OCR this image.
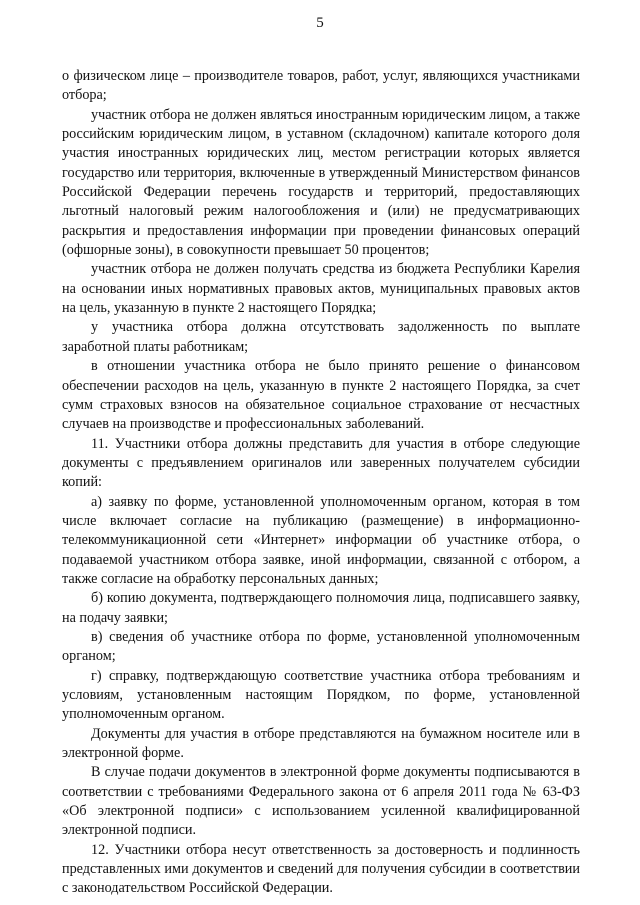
5

о физическом лице – производителе товаров, работ, услуг, являющихся участниками отбора;

участник отбора не должен являться иностранным юридическим лицом, а также российским юридическим лицом, в уставном (складочном) капитале которого доля участия иностранных юридических лиц, местом регистрации которых является государство или территория, включенные в утвержденный Министерством финансов Российской Федерации перечень государств и территорий, предоставляющих льготный налоговый режим налогообложения и (или) не предусматривающих раскрытия и предоставления информации при проведении финансовых операций (офшорные зоны), в совокупности превышает 50 процентов;

участник отбора не должен получать средства из бюджета Республики Карелия на основании иных нормативных правовых актов, муниципальных правовых актов на цель, указанную в пункте 2 настоящего Порядка;

у участника отбора должна отсутствовать задолженность по выплате заработной платы работникам;

в отношении участника отбора не было принято решение о финансовом обеспечении расходов на цель, указанную в пункте 2 настоящего Порядка, за счет сумм страховых взносов на обязательное социальное страхование от несчастных случаев на производстве и профессиональных заболеваний.

11. Участники отбора должны представить для участия в отборе следующие документы с предъявлением оригиналов или заверенных получателем субсидии копий:

а) заявку по форме, установленной уполномоченным органом, которая в том числе включает согласие на публикацию (размещение) в информационно-телекоммуникационной сети «Интернет» информации об участнике отбора, о подаваемой участником отбора заявке, иной информации, связанной с отбором, а также согласие на обработку персональных данных;

б) копию документа, подтверждающего полномочия лица, подписавшего заявку, на подачу заявки;

в) сведения об участнике отбора по форме, установленной уполномоченным органом;

г) справку, подтверждающую соответствие участника отбора требованиям и условиям, установленным настоящим Порядком, по форме, установленной уполномоченным органом.

Документы для участия в отборе представляются на бумажном носителе или в электронной форме.

В случае подачи документов в электронной форме документы подписываются в соответствии с требованиями Федерального закона от 6 апреля 2011 года № 63-ФЗ «Об электронной подписи» с использованием усиленной квалифицированной электронной подписи.

12. Участники отбора несут ответственность за достоверность и подлинность представленных ими документов и сведений для получения субсидии в соответствии с законодательством Российской Федерации.
